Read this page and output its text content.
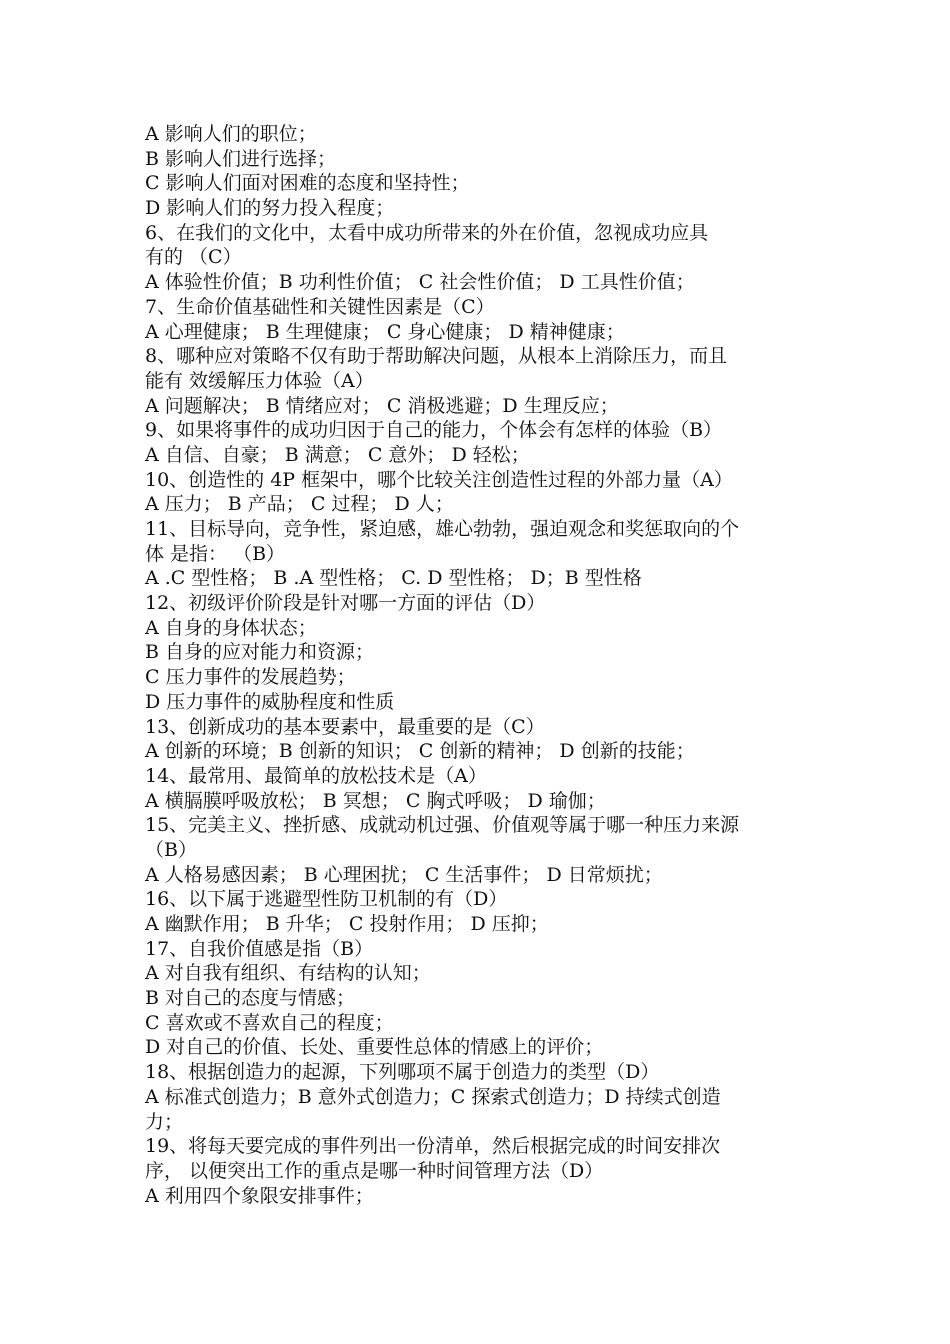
A 影响人们的职位；
B 影响人们进行选择；
C 影响人们面对困难的态度和坚持性；
D 影响人们的努力投入程度；
6、在我们的文化中，太看中成功所带来的外在价值，忽视成功应具
有的 （C）
A 体验性价值；B 功利性价值； C 社会性价值； D 工具性价值；
7、生命价值基础性和关键性因素是（C）
A 心理健康； B 生理健康； C 身心健康； D 精神健康；
8、哪种应对策略不仅有助于帮助解决问题，从根本上消除压力，而且
能有 效缓解压力体验（A）
A 问题解决； B 情绪应对； C 消极逃避；D 生理反应；
9、如果将事件的成功归因于自己的能力，个体会有怎样的体验（B）
A 自信、自豪； B 满意； C 意外； D 轻松；
10、创造性的 4P 框架中，哪个比较关注创造性过程的外部力量（A）
A 压力； B 产品； C 过程； D 人；
11、目标导向，竞争性，紧迫感，雄心勃勃，强迫观念和奖惩取向的个
体 是指： （B）
A .C 型性格； B .A 型性格； C. D 型性格； D；B 型性格
12、初级评价阶段是针对哪一方面的评估（D）
A 自身的身体状态；
B 自身的应对能力和资源；
C 压力事件的发展趋势；
D 压力事件的威胁程度和性质
13、创新成功的基本要素中，最重要的是（C）
A 创新的环境；B 创新的知识； C 创新的精神； D 创新的技能；
14、最常用、最简单的放松技术是（A）
A 横膈膜呼吸放松； B 冥想； C 胸式呼吸； D 瑜伽；
15、完美主义、挫折感、成就动机过强、价值观等属于哪一种压力来源
（B）
A 人格易感因素； B 心理困扰； C 生活事件； D 日常烦扰；
16、以下属于逃避型性防卫机制的有（D）
A 幽默作用； B 升华； C 投射作用； D 压抑；
17、自我价值感是指（B）
A 对自我有组织、有结构的认知；
B 对自己的态度与情感；
C 喜欢或不喜欢自己的程度；
D 对自己的价值、长处、重要性总体的情感上的评价；
18、根据创造力的起源，下列哪项不属于创造力的类型（D）
A 标准式创造力；B 意外式创造力；C 探索式创造力；D 持续式创造
力；
19、将每天要完成的事件列出一份清单，然后根据完成的时间安排次
序， 以便突出工作的重点是哪一种时间管理方法（D）
A 利用四个象限安排事件；
